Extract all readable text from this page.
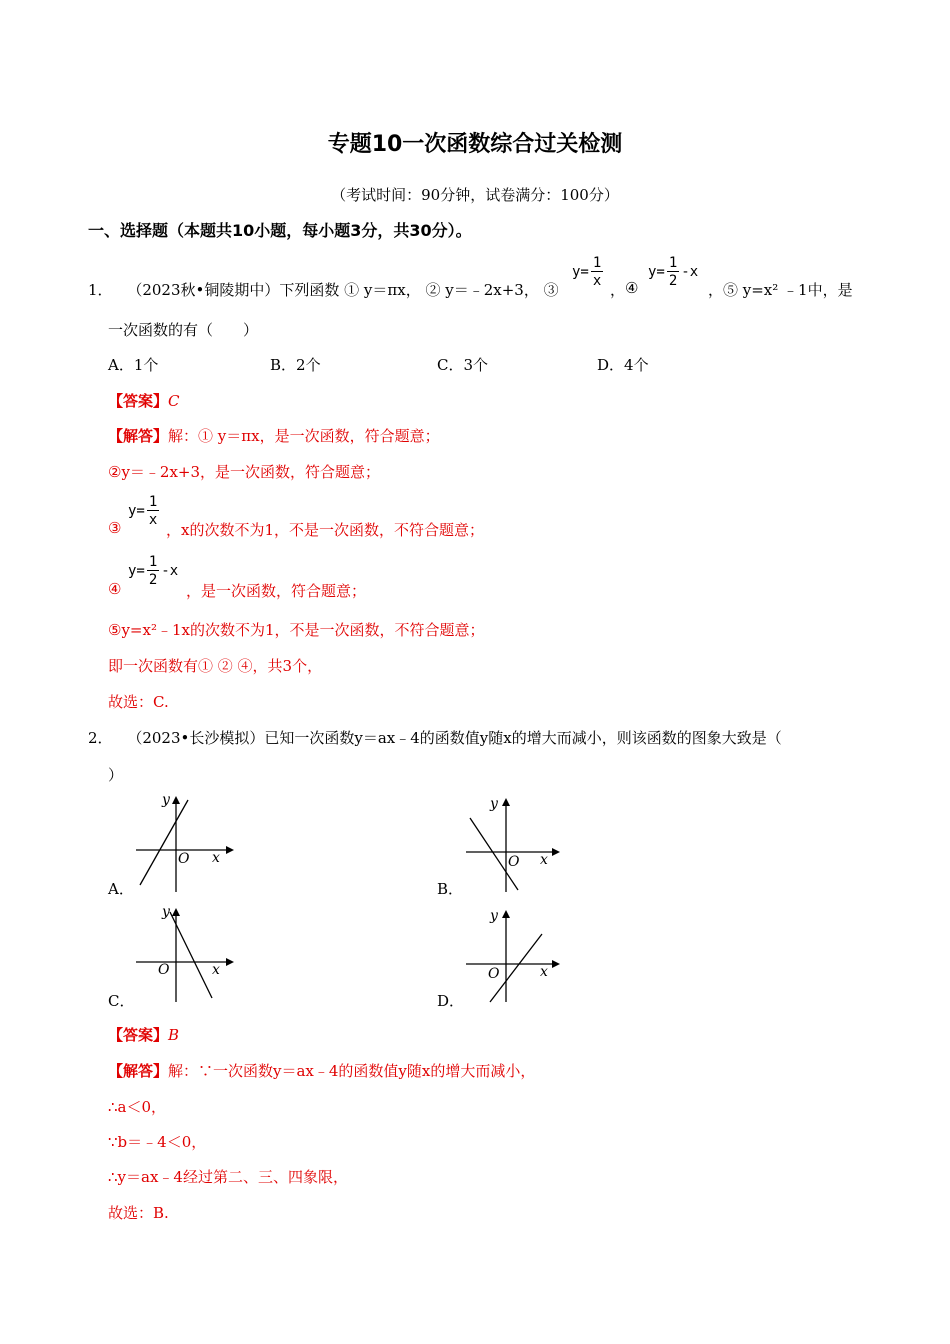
专题10一次函数综合过关检测
（考试时间：90分钟，试卷满分：100分）
一、选择题（本题共10小题，每小题3分，共30分）。
1． （2023秋•铜陵期中）下列函数 ① y＝πx， ② y＝﹣2x+3， ③
$y= \frac{1}{x}$
， ④
$y= \frac{1}{2} -x$
，⑤ y=x² ﹣1中，是
一次函数的有（　　）
A．1个	B．2个	C．3个	D．4个
【答案】C
【解答】解：① y＝πx，是一次函数，符合题意；
②y＝﹣2x+3，是一次函数，符合题意；
③
$y= \frac{1}{x}$
，x的次数不为1，不是一次函数，不符合题意；
④
$y= \frac{1}{2} -x$
，是一次函数，符合题意；
⑤y=x²﹣1x的次数不为1，不是一次函数，不符合题意；
即一次函数有① ② ④，共3个，
故选：C.
2． （2023•长沙模拟）已知一次函数y＝ax﹣4的函数值y随x的增大而减小，则该函数的图象大致是（
）
y
x
O
A．
y
x
O
B．
y
x
O
C．
y
x
O
D．
【答案】B
【解答】解：∵一次函数y＝ax﹣4的函数值y随x的增大而减小，
∴a＜0，
∵b＝﹣4＜0，
∴y＝ax﹣4经过第二、三、四象限，
故选：B.
